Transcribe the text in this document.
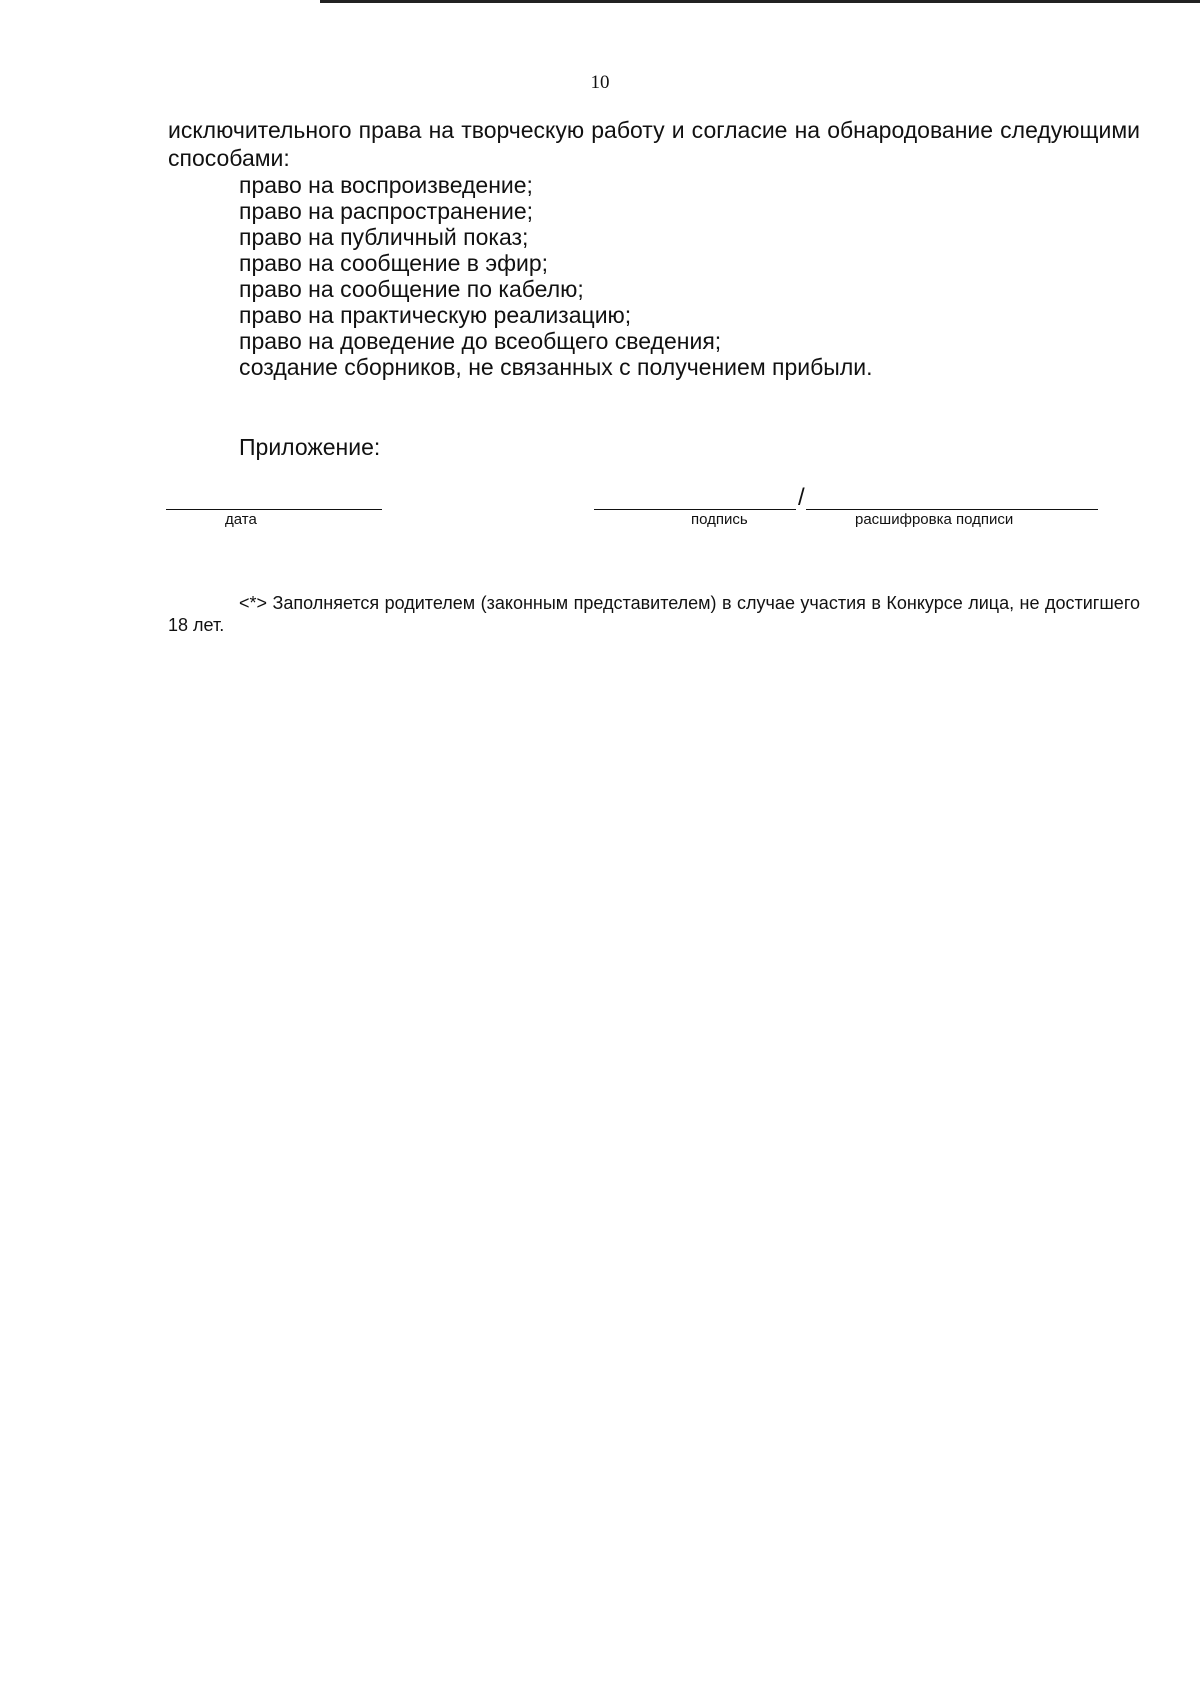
10

исключительного права на творческую работу и согласие на обнародование следующими способами:

право на воспроизведение;
право на распространение;
право на публичный показ;
право на сообщение в эфир;
право на сообщение по кабелю;
право на практическую реализацию;
право на доведение до всеобщего сведения;
создание сборников, не связанных с получением прибыли.
Приложение:
дата
/
подпись	расшифровка подписи
<*> Заполняется родителем (законным представителем) в случае участия в Конкурсе лица, не достигшего 18 лет.
